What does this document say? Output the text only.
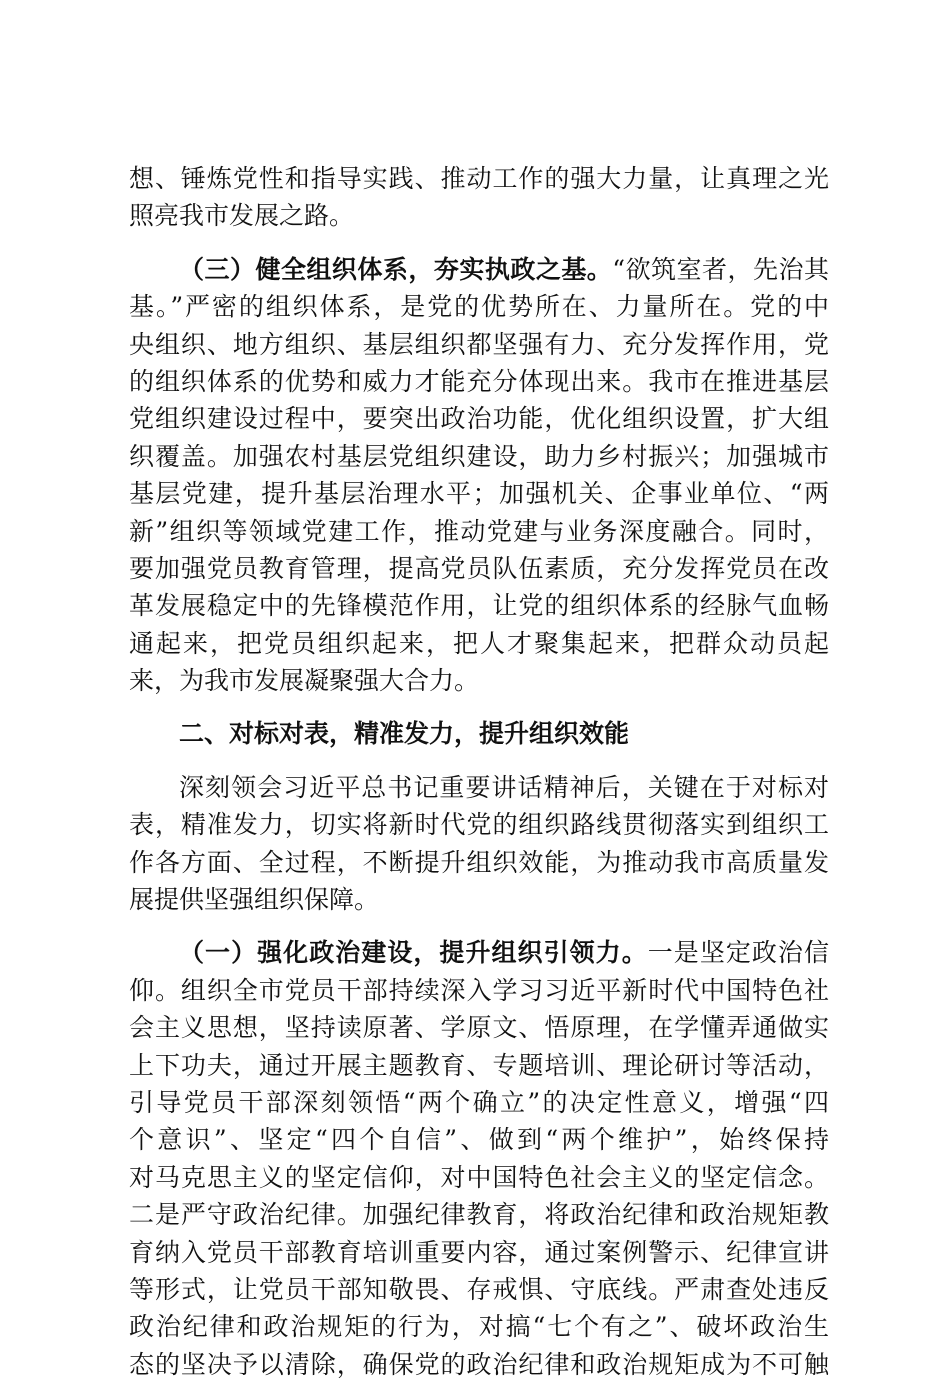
想、锤炼党性和指导实践、推动工作的强大力量，让真理之光
照亮我市发展之路。
（三）健全组织体系，夯实执政之基。“欲筑室者，先治其
基。”严密的组织体系，是党的优势所在、力量所在。党的中
央组织、地方组织、基层组织都坚强有力、充分发挥作用，党
的组织体系的优势和威力才能充分体现出来。我市在推进基层
党组织建设过程中，要突出政治功能，优化组织设置，扩大组
织覆盖。加强农村基层党组织建设，助力乡村振兴；加强城市
基层党建，提升基层治理水平；加强机关、企事业单位、“两
新”组织等领域党建工作，推动党建与业务深度融合。同时，
要加强党员教育管理，提高党员队伍素质，充分发挥党员在改
革发展稳定中的先锋模范作用，让党的组织体系的经脉气血畅
通起来，把党员组织起来，把人才聚集起来，把群众动员起
来，为我市发展凝聚强大合力。
二、对标对表，精准发力，提升组织效能
深刻领会习近平总书记重要讲话精神后，关键在于对标对
表，精准发力，切实将新时代党的组织路线贯彻落实到组织工
作各方面、全过程，不断提升组织效能，为推动我市高质量发
展提供坚强组织保障。
（一）强化政治建设，提升组织引领力。一是坚定政治信
仰。组织全市党员干部持续深入学习习近平新时代中国特色社
会主义思想，坚持读原著、学原文、悟原理，在学懂弄通做实
上下功夫，通过开展主题教育、专题培训、理论研讨等活动，
引导党员干部深刻领悟“两个确立”的决定性意义，增强“四
个意识”、坚定“四个自信”、做到“两个维护”，始终保持
对马克思主义的坚定信仰，对中国特色社会主义的坚定信念。
二是严守政治纪律。加强纪律教育，将政治纪律和政治规矩教
育纳入党员干部教育培训重要内容，通过案例警示、纪律宣讲
等形式，让党员干部知敬畏、存戒惧、守底线。严肃查处违反
政治纪律和政治规矩的行为，对搞“七个有之”、破坏政治生
态的坚决予以清除，确保党的政治纪律和政治规矩成为不可触
